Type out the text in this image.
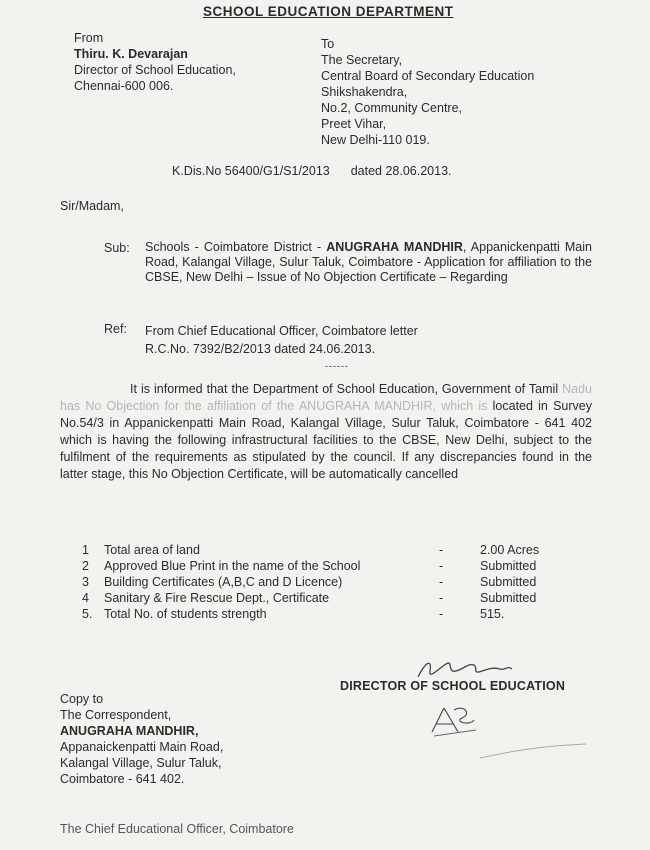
SCHOOL EDUCATION DEPARTMENT
From
Thiru. K. Devarajan
Director of School Education,
Chennai-600 006.
To
The Secretary,
Central Board of Secondary Education
Shikshakendra,
No.2, Community Centre,
Preet Vihar,
New Delhi-110 019.
K.Dis.No 56400/G1/S1/2013 dated 28.06.2013.
Sir/Madam,
Sub: Schools - Coimbatore District - ANUGRAHA MANDHIR, Appanickenpatti Main Road, Kalangal Village, Sulur Taluk, Coimbatore - Application for affiliation to the CBSE, New Delhi – Issue of No Objection Certificate – Regarding
Ref: From Chief Educational Officer, Coimbatore letter
R.C.No. 7392/B2/2013 dated 24.06.2013.
------
It is informed that the Department of School Education, Government of Tamil Nadu has No Objection for the affiliation of the ANUGRAHA MANDHIR, which is located in Survey No.54/3 in Appanickenpatti Main Road, Kalangal Village, Sulur Taluk, Coimbatore - 641 402 which is having the following infrastructural facilities to the CBSE, New Delhi, subject to the fulfilment of the requirements as stipulated by the council. If any discrepancies found in the latter stage, this No Objection Certificate, will be automatically cancelled
1 Total area of land	-	2.00 Acres
2 Approved Blue Print in the name of the School	-	Submitted
3 Building Certificates (A,B,C and D Licence)	-	Submitted
4 Sanitary & Fire Rescue Dept., Certificate	-	Submitted
5. Total No. of students strength	-	515.
DIRECTOR OF SCHOOL EDUCATION
Copy to
The Correspondent,
ANUGRAHA MANDHIR,
Appanaickenpatti Main Road,
Kalangal Village, Sulur Taluk,
Coimbatore - 641 402.
The Chief Educational Officer, Coimbatore
